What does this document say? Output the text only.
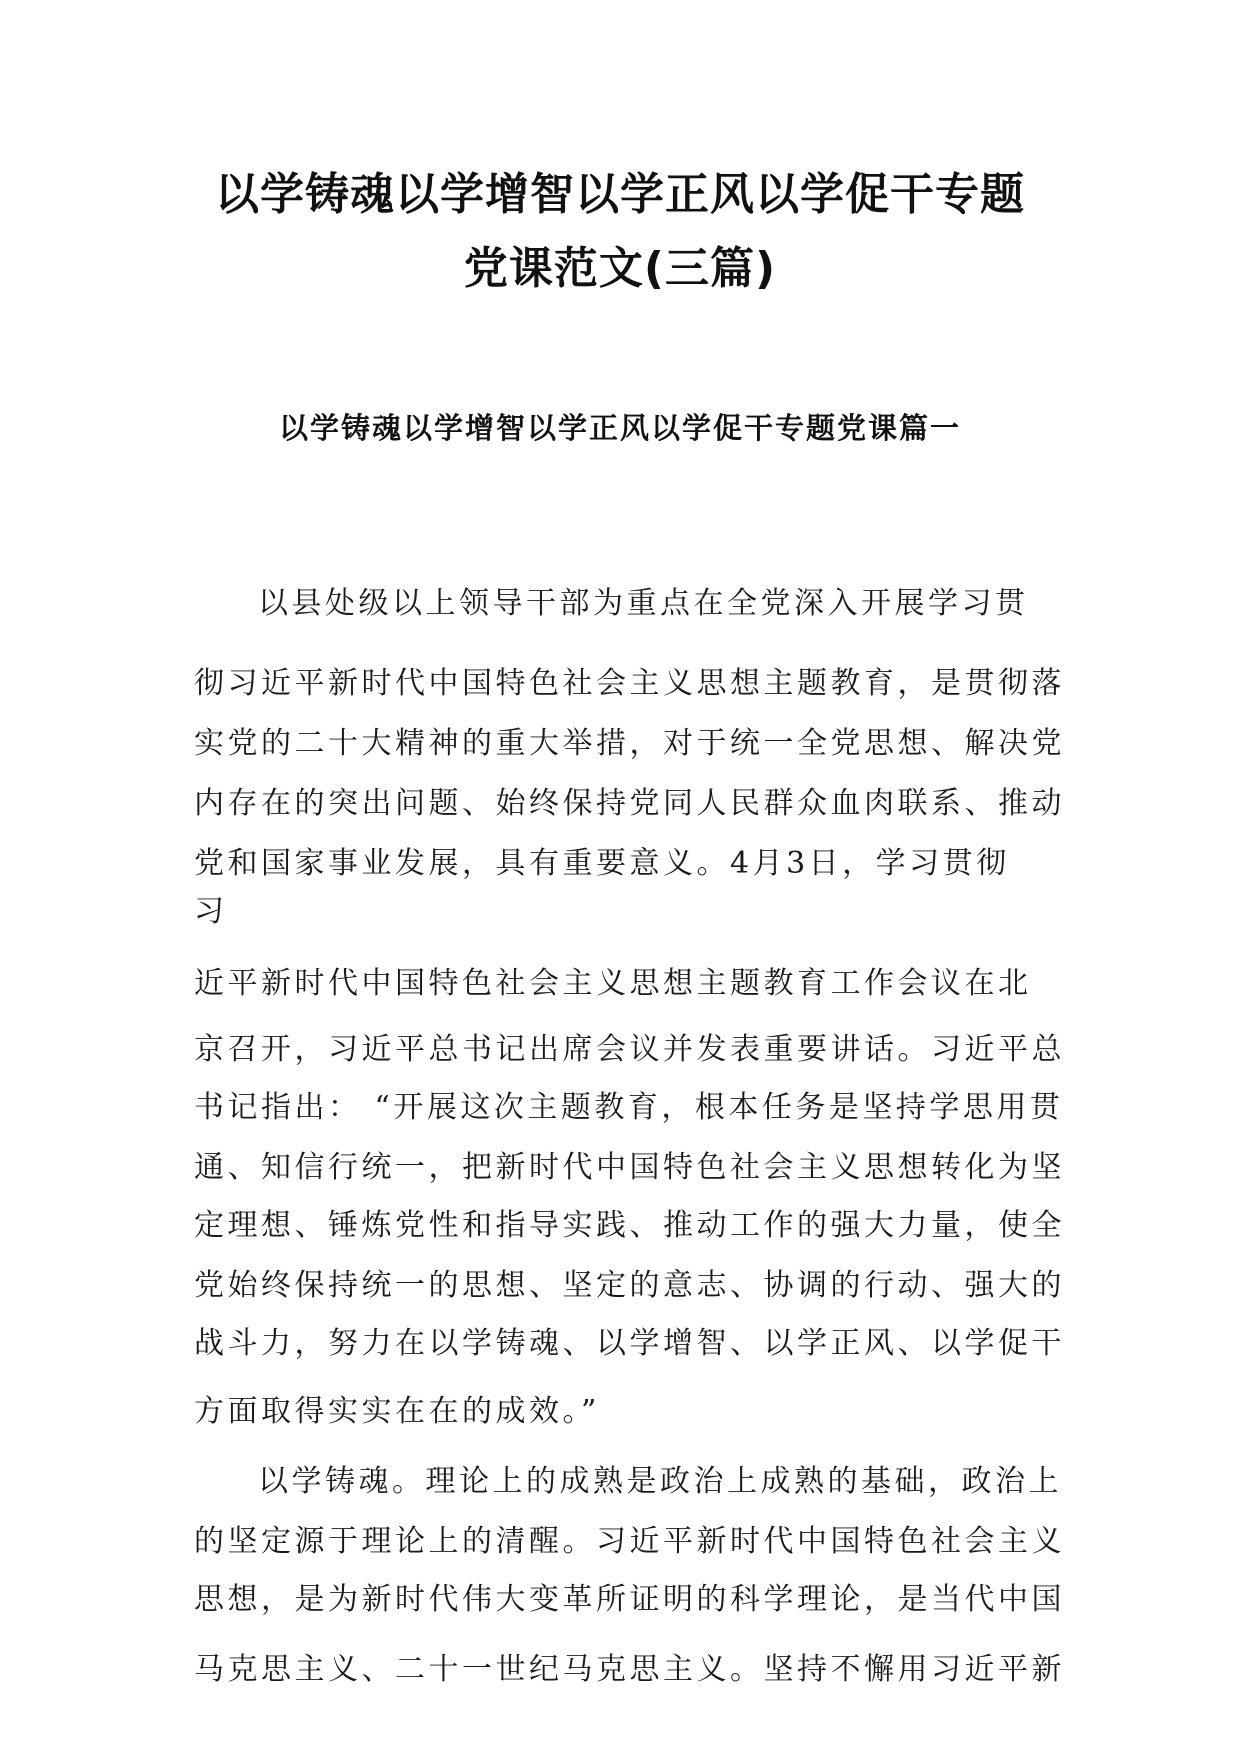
以学铸魂以学增智以学正风以学促干专题
党课范文(三篇)
以学铸魂以学增智以学正风以学促干专题党课篇一

以县处级以上领导干部为重点在全党深入开展学习贯

彻习近平新时代中国特色社会主义思想主题教育，是贯彻落

实党的二十大精神的重大举措，对于统一全党思想、解决党

内存在的突出问题、始终保持党同人民群众血肉联系、推动

党和国家事业发展，具有重要意义。4月3日，学习贯彻

习

近平新时代中国特色社会主义思想主题教育工作会议在北

京召开，习近平总书记出席会议并发表重要讲话。习近平总

书记指出： “开展这次主题教育，根本任务是坚持学思用贯

通、知信行统一，把新时代中国特色社会主义思想转化为坚

定理想、锤炼党性和指导实践、推动工作的强大力量，使全

党始终保持统一的思想、坚定的意志、协调的行动、强大的

战斗力，努力在以学铸魂、以学增智、以学正风、以学促干

方面取得实实在在的成效。”

以学铸魂。理论上的成熟是政治上成熟的基础，政治上

的坚定源于理论上的清醒。习近平新时代中国特色社会主义

思想，是为新时代伟大变革所证明的科学理论，是当代中国

马克思主义、二十一世纪马克思主义。坚持不懈用习近平新
